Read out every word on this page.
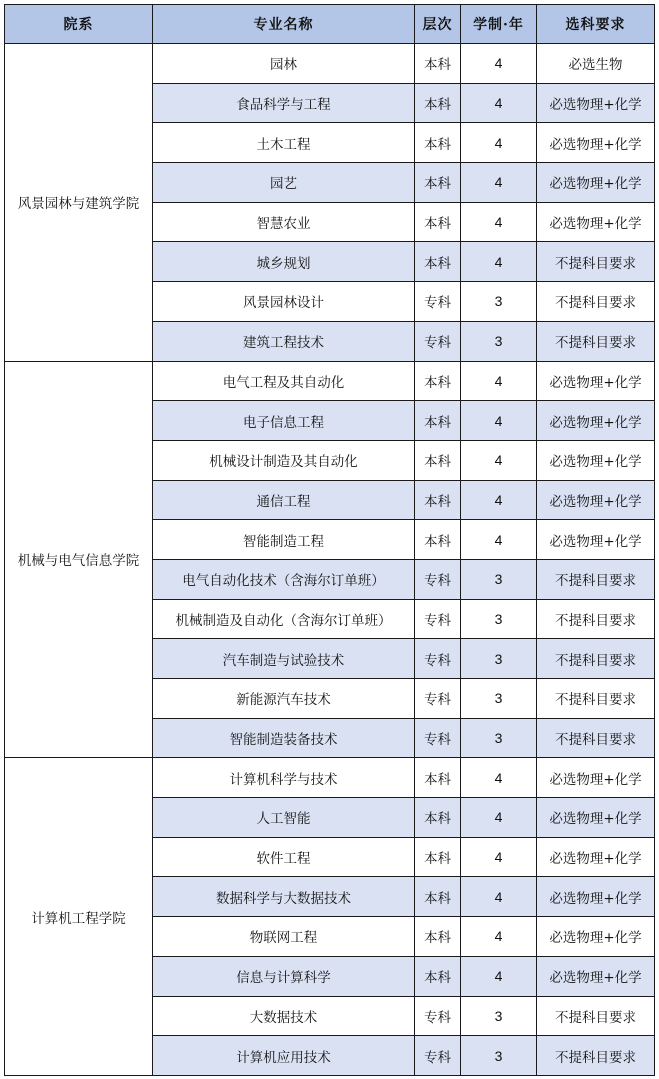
院系	专业名称	层次	学制·年	选科要求
风景园林与建筑学院	园林	本科	4	必选生物
	食品科学与工程	本科	4	必选物理+化学
	土木工程	本科	4	必选物理+化学
	园艺	本科	4	必选物理+化学
	智慧农业	本科	4	必选物理+化学
	城乡规划	本科	4	不提科目要求
	风景园林设计	专科	3	不提科目要求
	建筑工程技术	专科	3	不提科目要求
机械与电气信息学院	电气工程及其自动化	本科	4	必选物理+化学
	电子信息工程	本科	4	必选物理+化学
	机械设计制造及其自动化	本科	4	必选物理+化学
	通信工程	本科	4	必选物理+化学
	智能制造工程	本科	4	必选物理+化学
	电气自动化技术（含海尔订单班）	专科	3	不提科目要求
	机械制造及自动化（含海尔订单班）	专科	3	不提科目要求
	汽车制造与试验技术	专科	3	不提科目要求
	新能源汽车技术	专科	3	不提科目要求
	智能制造装备技术	专科	3	不提科目要求
计算机工程学院	计算机科学与技术	本科	4	必选物理+化学
	人工智能	本科	4	必选物理+化学
	软件工程	本科	4	必选物理+化学
	数据科学与大数据技术	本科	4	必选物理+化学
	物联网工程	本科	4	必选物理+化学
	信息与计算科学	本科	4	必选物理+化学
	大数据技术	专科	3	不提科目要求
	计算机应用技术	专科	3	不提科目要求
